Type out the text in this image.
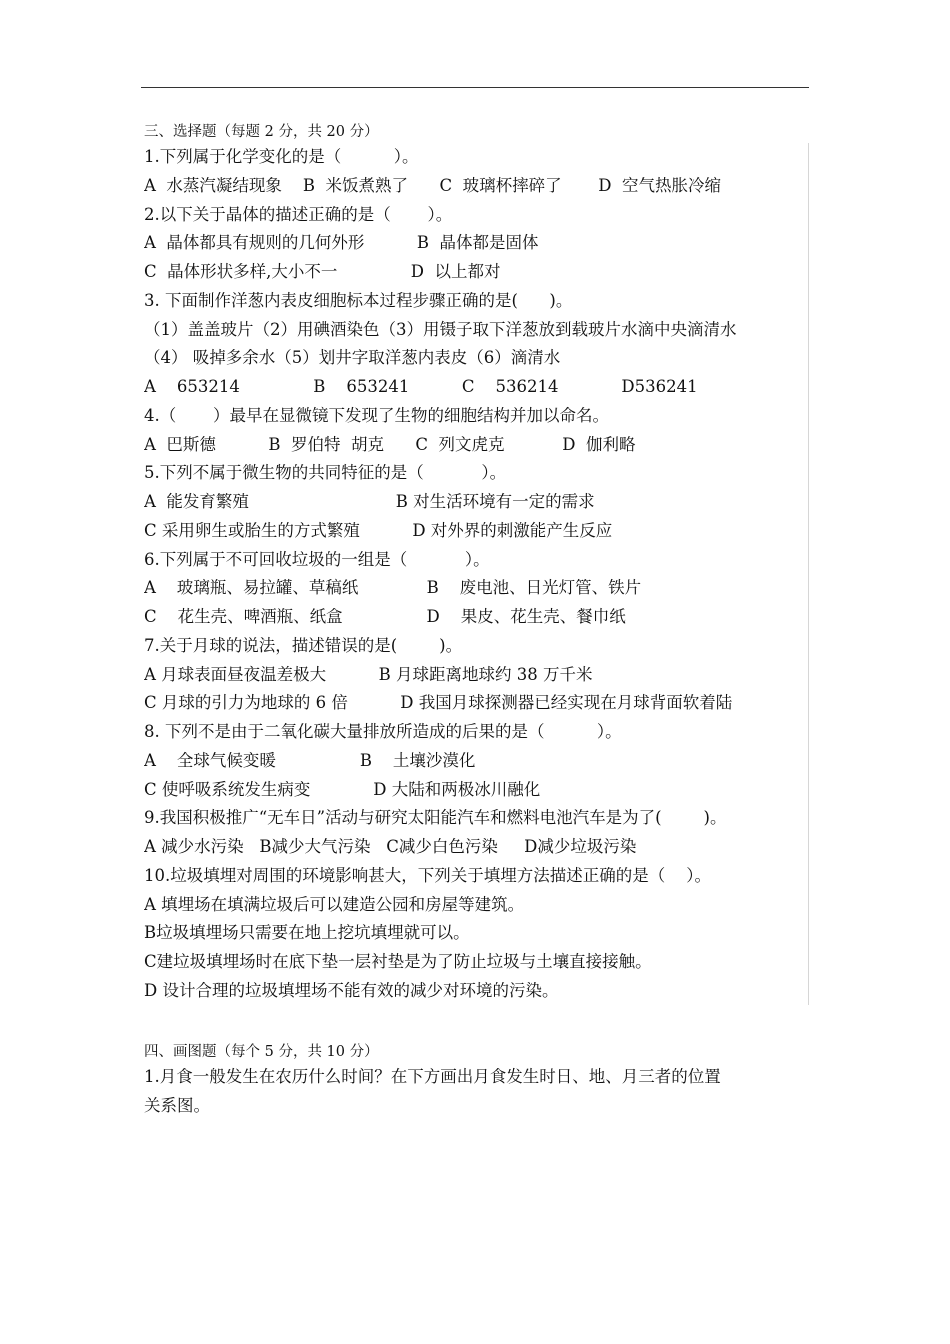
三、选择题（每题 2 分，共 20 分）
1.下列属于化学变化的是（          ）。
A  水蒸汽凝结现象    B  米饭煮熟了      C  玻璃杯摔碎了       D  空气热胀冷缩
2.以下关于晶体的描述正确的是（       ）。
A  晶体都具有规则的几何外形          B  晶体都是固体
C  晶体形状多样,大小不一              D  以上都对
3. 下面制作洋葱内表皮细胞标本过程步骤正确的是(      )。
（1）盖盖玻片（2）用碘酒染色（3）用镊子取下洋葱放到载玻片水滴中央滴清水
（4） 吸掉多余水（5）划井字取洋葱内表皮（6）滴清水
A    653214              B    653241          C    536214            D536241
4.（       ）最早在显微镜下发现了生物的细胞结构并加以命名。
A  巴斯德          B  罗伯特  胡克      C  列文虎克           D  伽利略
5.下列不属于微生物的共同特征的是（           ）。
A  能发育繁殖                            B 对生活环境有一定的需求
C 采用卵生或胎生的方式繁殖          D 对外界的刺激能产生反应
6.下列属于不可回收垃圾的一组是（           ）。
A    玻璃瓶、易拉罐、草稿纸             B    废电池、日光灯管、铁片
C    花生壳、啤酒瓶、纸盒                D    果皮、花生壳、餐巾纸
7.关于月球的说法，描述错误的是(        )。
A 月球表面昼夜温差极大          B 月球距离地球约 38 万千米
C 月球的引力为地球的 6 倍          D 我国月球探测器已经实现在月球背面软着陆
8. 下列不是由于二氧化碳大量排放所造成的后果的是（          ）。
A    全球气候变暖                B    土壤沙漠化
C 使呼吸系统发生病变            D 大陆和两极冰川融化
9.我国积极推广“无车日”活动与研究太阳能汽车和燃料电池汽车是为了(        )。
A 减少水污染   B减少大气污染   C减少白色污染     D减少垃圾污染
10.垃圾填埋对周围的环境影响甚大，下列关于填埋方法描述正确的是（    ）。
A 填埋场在填满垃圾后可以建造公园和房屋等建筑。
B垃圾填埋场只需要在地上挖坑填埋就可以。
C建垃圾填埋场时在底下垫一层衬垫是为了防止垃圾与土壤直接接触。
D 设计合理的垃圾填埋场不能有效的减少对环境的污染。
四、画图题（每个 5 分，共 10 分）
1.月食一般发生在农历什么时间？在下方画出月食发生时日、地、月三者的位置
关系图。
